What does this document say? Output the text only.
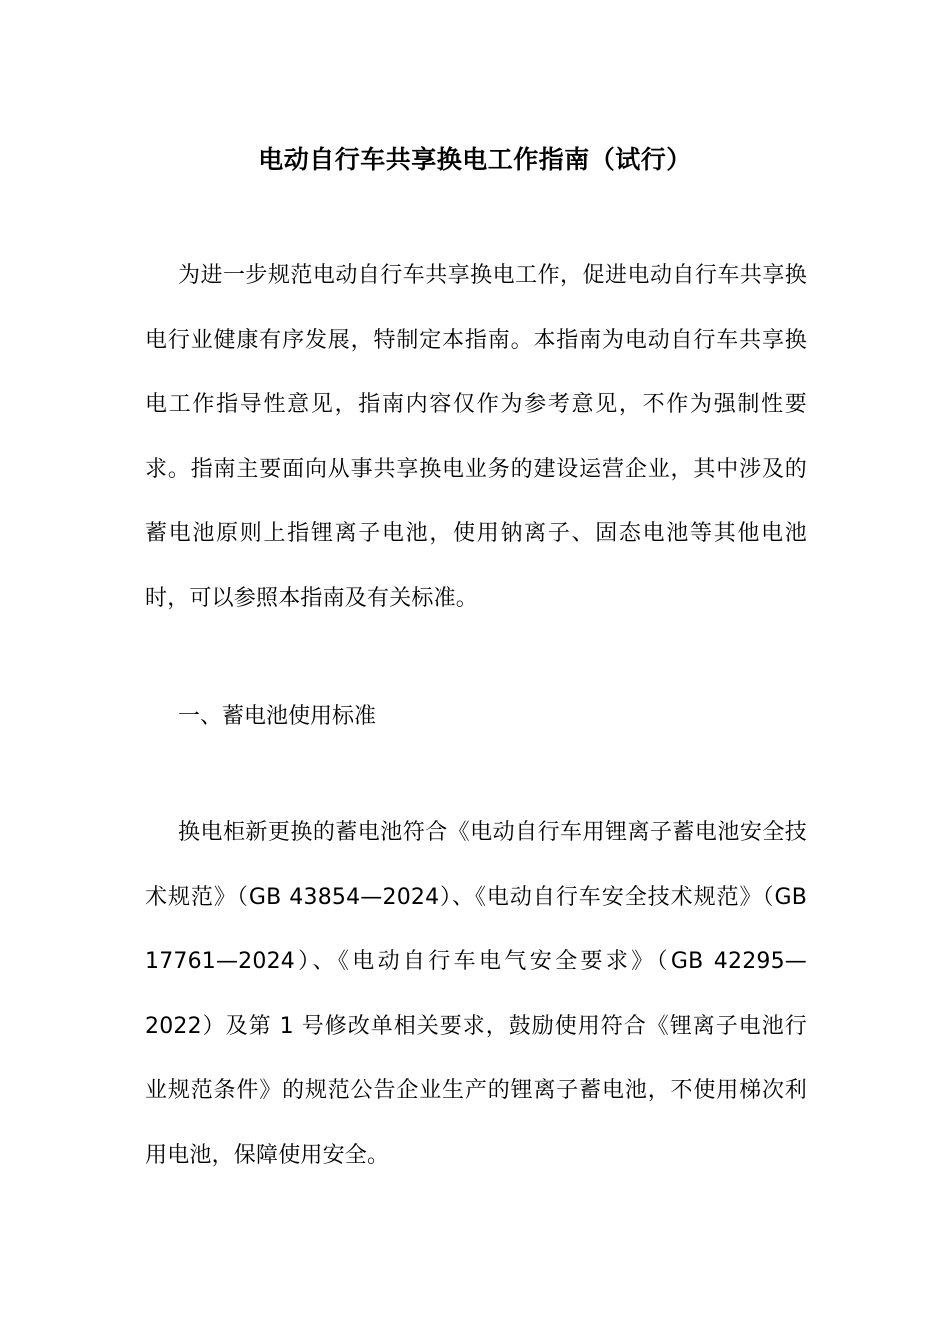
电动自行车共享换电工作指南（试行）
为进一步规范电动自行车共享换电工作，促进电动自行车共享换电行业健康有序发展，特制定本指南。本指南为电动自行车共享换电工作指导性意见，指南内容仅作为参考意见，不作为强制性要求。指南主要面向从事共享换电业务的建设运营企业，其中涉及的蓄电池原则上指锂离子电池，使用钠离子、固态电池等其他电池时，可以参照本指南及有关标准。
一、蓄电池使用标准
换电柜新更换的蓄电池符合《电动自行车用锂离子蓄电池安全技术规范》（GB 43854—2024）、《电动自行车安全技术规范》（GB 17761—2024）、《电动自行车电气安全要求》（GB 42295—2022）及第 1 号修改单相关要求，鼓励使用符合《锂离子电池行业规范条件》的规范公告企业生产的锂离子蓄电池，不使用梯次利用电池，保障使用安全。
